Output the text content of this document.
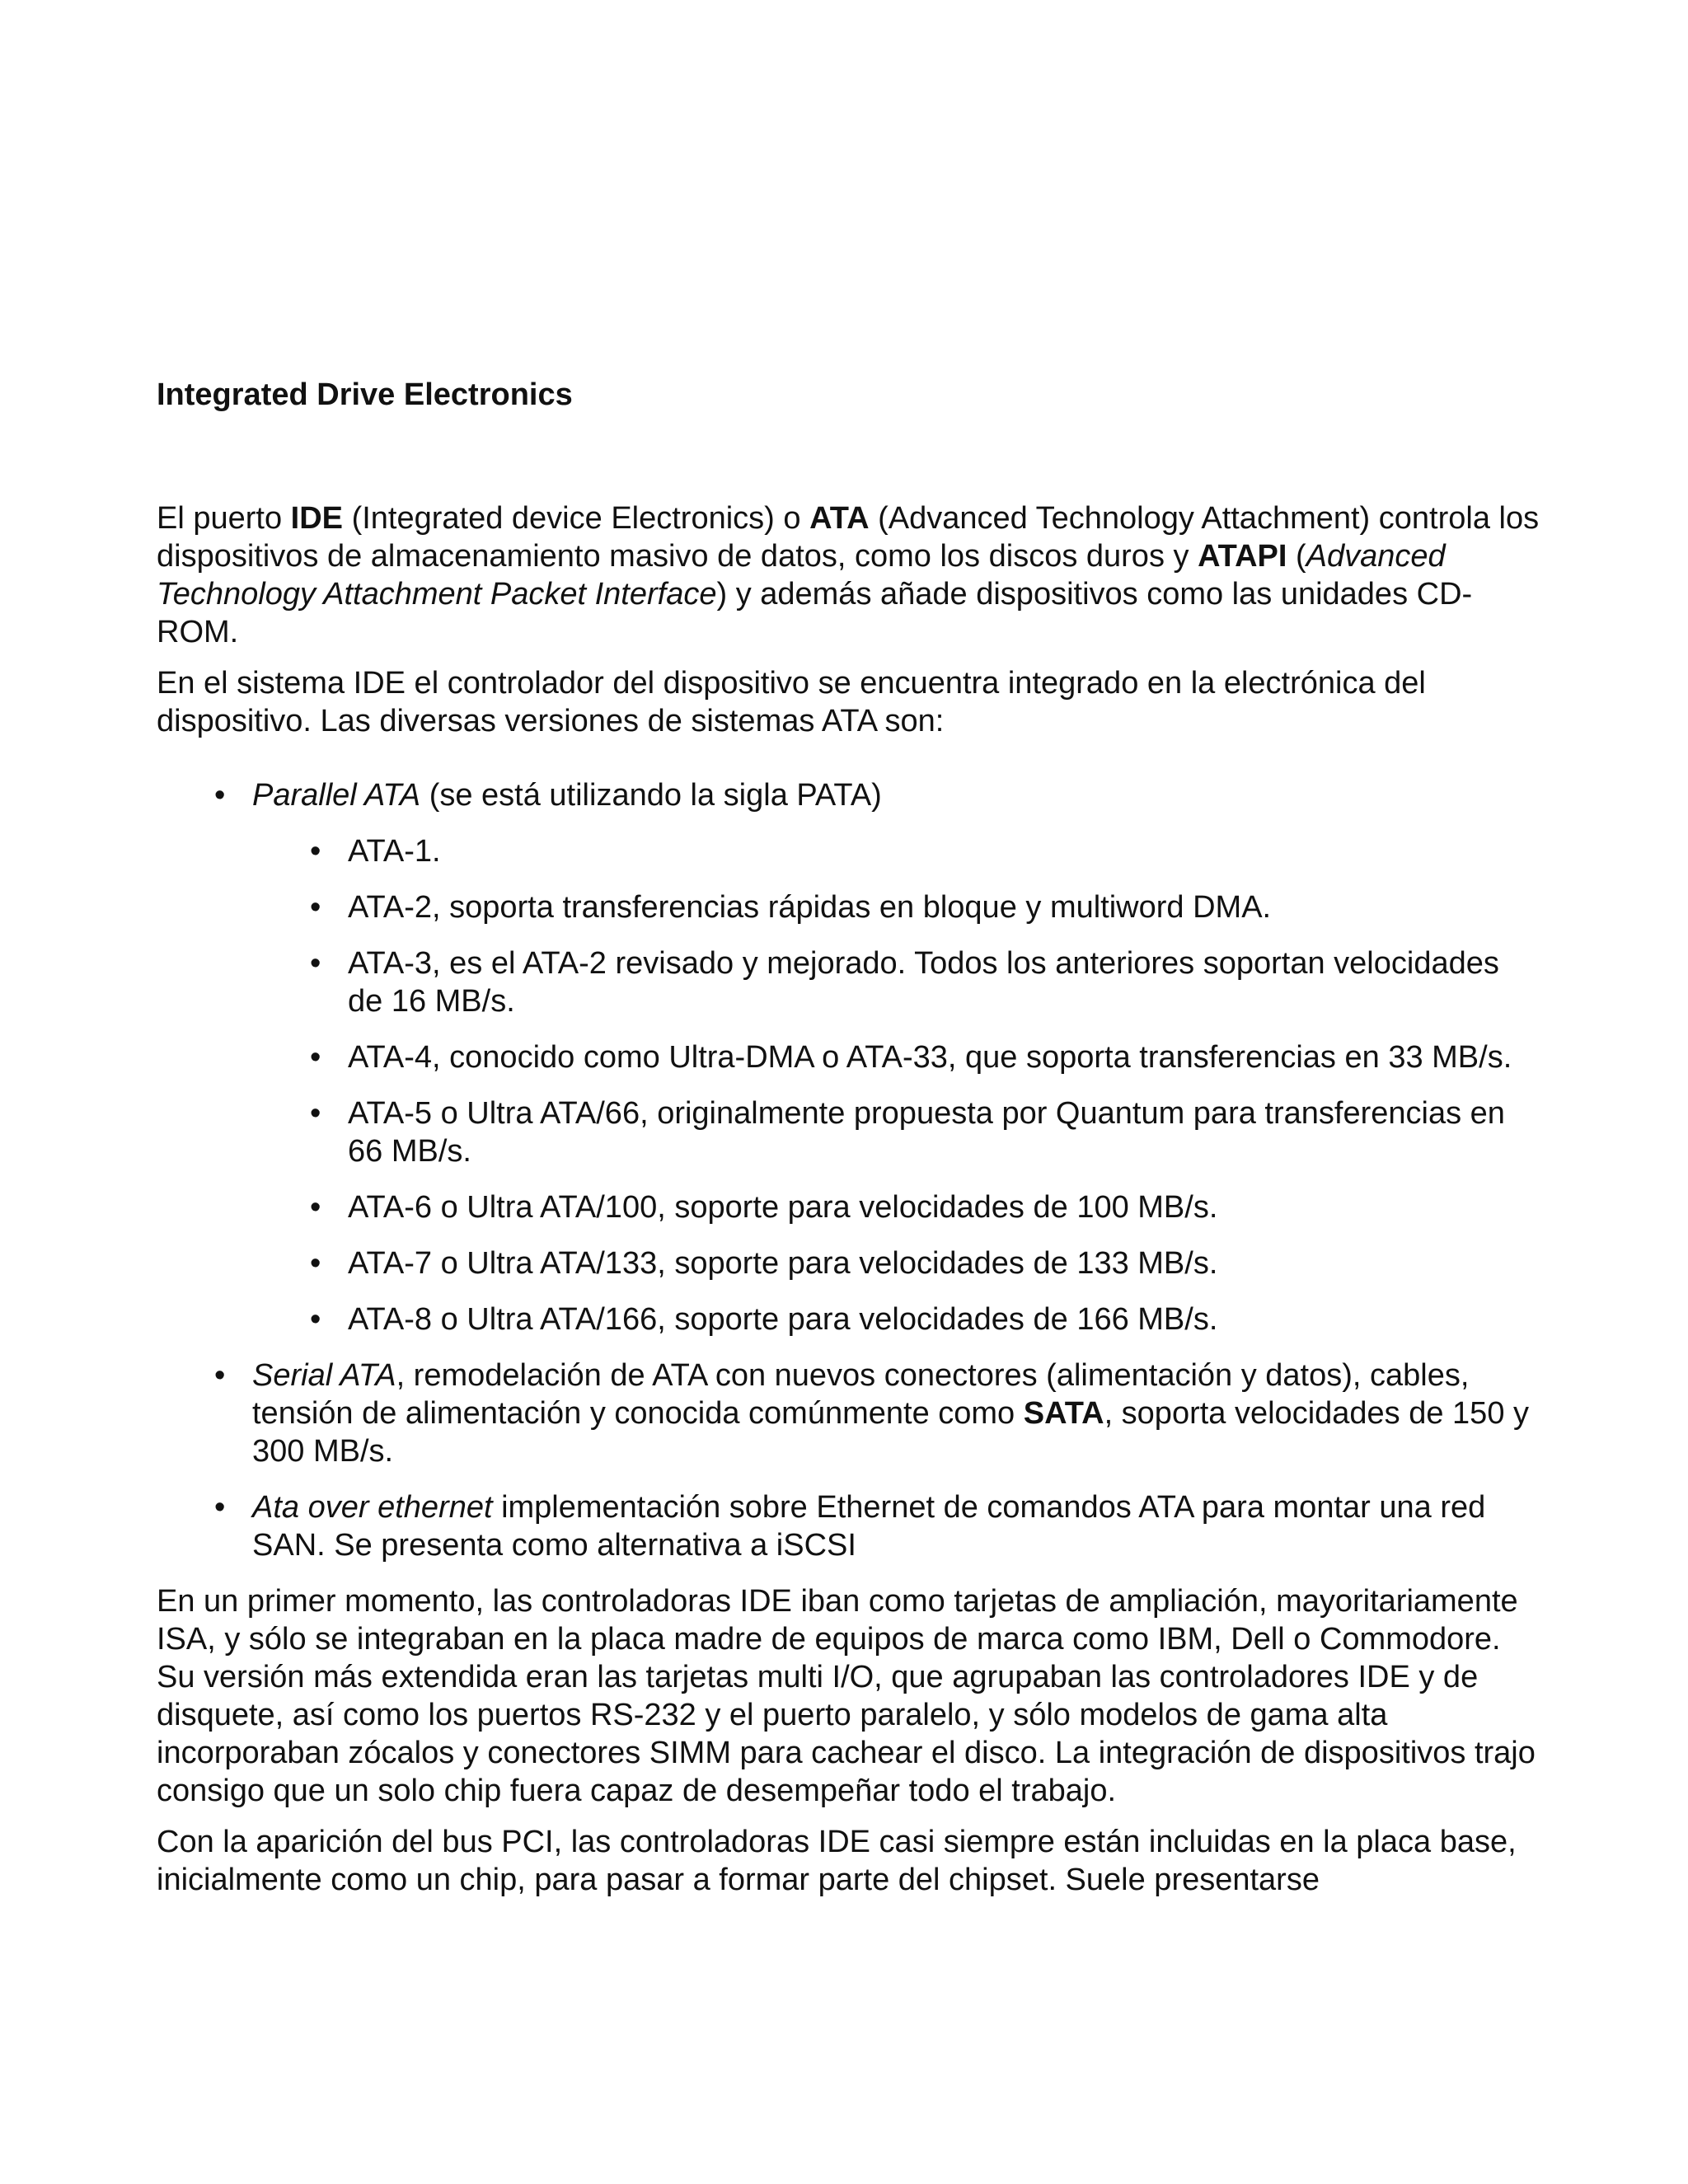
Integrated Drive Electronics

El puerto IDE (Integrated device Electronics) o ATA (Advanced Technology Attachment) controla los dispositivos de almacenamiento masivo de datos, como los discos duros y ATAPI (Advanced Technology Attachment Packet Interface) y además añade dispositivos como las unidades CD-ROM.

En el sistema IDE el controlador del dispositivo se encuentra integrado en la electrónica del dispositivo. Las diversas versiones de sistemas ATA son:

• Parallel ATA (se está utilizando la sigla PATA)
• ATA-1.
• ATA-2, soporta transferencias rápidas en bloque y multiword DMA.
• ATA-3, es el ATA-2 revisado y mejorado. Todos los anteriores soportan velocidades de 16 MB/s.
• ATA-4, conocido como Ultra-DMA o ATA-33, que soporta transferencias en 33 MB/s.
• ATA-5 o Ultra ATA/66, originalmente propuesta por Quantum para transferencias en 66 MB/s.
• ATA-6 o Ultra ATA/100, soporte para velocidades de 100 MB/s.
• ATA-7 o Ultra ATA/133, soporte para velocidades de 133 MB/s.
• ATA-8 o Ultra ATA/166, soporte para velocidades de 166 MB/s.
• Serial ATA, remodelación de ATA con nuevos conectores (alimentación y datos), cables, tensión de alimentación y conocida comúnmente como SATA, soporta velocidades de 150 y 300 MB/s.
• Ata over ethernet implementación sobre Ethernet de comandos ATA para montar una red SAN. Se presenta como alternativa a iSCSI

En un primer momento, las controladoras IDE iban como tarjetas de ampliación, mayoritariamente ISA, y sólo se integraban en la placa madre de equipos de marca como IBM, Dell o Commodore. Su versión más extendida eran las tarjetas multi I/O, que agrupaban las controladores IDE y de disquete, así como los puertos RS-232 y el puerto paralelo, y sólo modelos de gama alta incorporaban zócalos y conectores SIMM para cachear el disco. La integración de dispositivos trajo consigo que un solo chip fuera capaz de desempeñar todo el trabajo.

Con la aparición del bus PCI, las controladoras IDE casi siempre están incluidas en la placa base, inicialmente como un chip, para pasar a formar parte del chipset. Suele presentarse
